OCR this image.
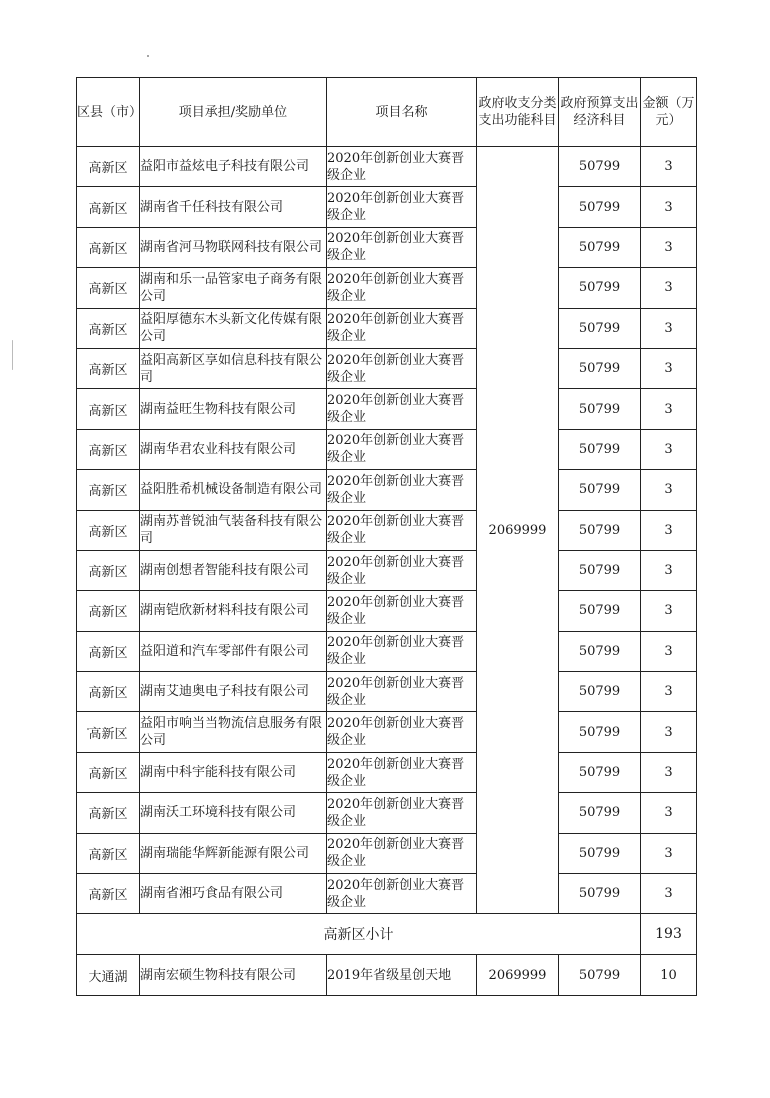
区县（市）	项目承担/奖励单位	项目名称	政府收支分类支出功能科目	政府预算支出经济科目	金额（万元）
高新区	益阳市益炫电子科技有限公司	2020年创新创业大赛晋级企业	2069999	50799	3
高新区	湖南省千任科技有限公司	2020年创新创业大赛晋级企业		50799	3
高新区	湖南省河马物联网科技有限公司	2020年创新创业大赛晋级企业		50799	3
高新区	湖南和乐一品管家电子商务有限公司	2020年创新创业大赛晋级企业		50799	3
高新区	益阳厚德东木头新文化传媒有限公司	2020年创新创业大赛晋级企业		50799	3
高新区	益阳高新区享如信息科技有限公司	2020年创新创业大赛晋级企业		50799	3
高新区	湖南益旺生物科技有限公司	2020年创新创业大赛晋级企业		50799	3
高新区	湖南华君农业科技有限公司	2020年创新创业大赛晋级企业		50799	3
高新区	益阳胜希机械设备制造有限公司	2020年创新创业大赛晋级企业		50799	3
高新区	湖南苏普锐油气装备科技有限公司	2020年创新创业大赛晋级企业		50799	3
高新区	湖南创想者智能科技有限公司	2020年创新创业大赛晋级企业		50799	3
高新区	湖南铠欣新材料科技有限公司	2020年创新创业大赛晋级企业		50799	3
高新区	益阳道和汽车零部件有限公司	2020年创新创业大赛晋级企业		50799	3
高新区	湖南艾迪奥电子科技有限公司	2020年创新创业大赛晋级企业		50799	3
高新区	益阳市响当当物流信息服务有限公司	2020年创新创业大赛晋级企业		50799	3
高新区	湖南中科宇能科技有限公司	2020年创新创业大赛晋级企业		50799	3
高新区	湖南沃工环境科技有限公司	2020年创新创业大赛晋级企业		50799	3
高新区	湖南瑞能华辉新能源有限公司	2020年创新创业大赛晋级企业		50799	3
高新区	湖南省湘巧食品有限公司	2020年创新创业大赛晋级企业		50799	3
高新区小计					193
大通湖	湖南宏硕生物科技有限公司	2019年省级星创天地	2069999	50799	10
